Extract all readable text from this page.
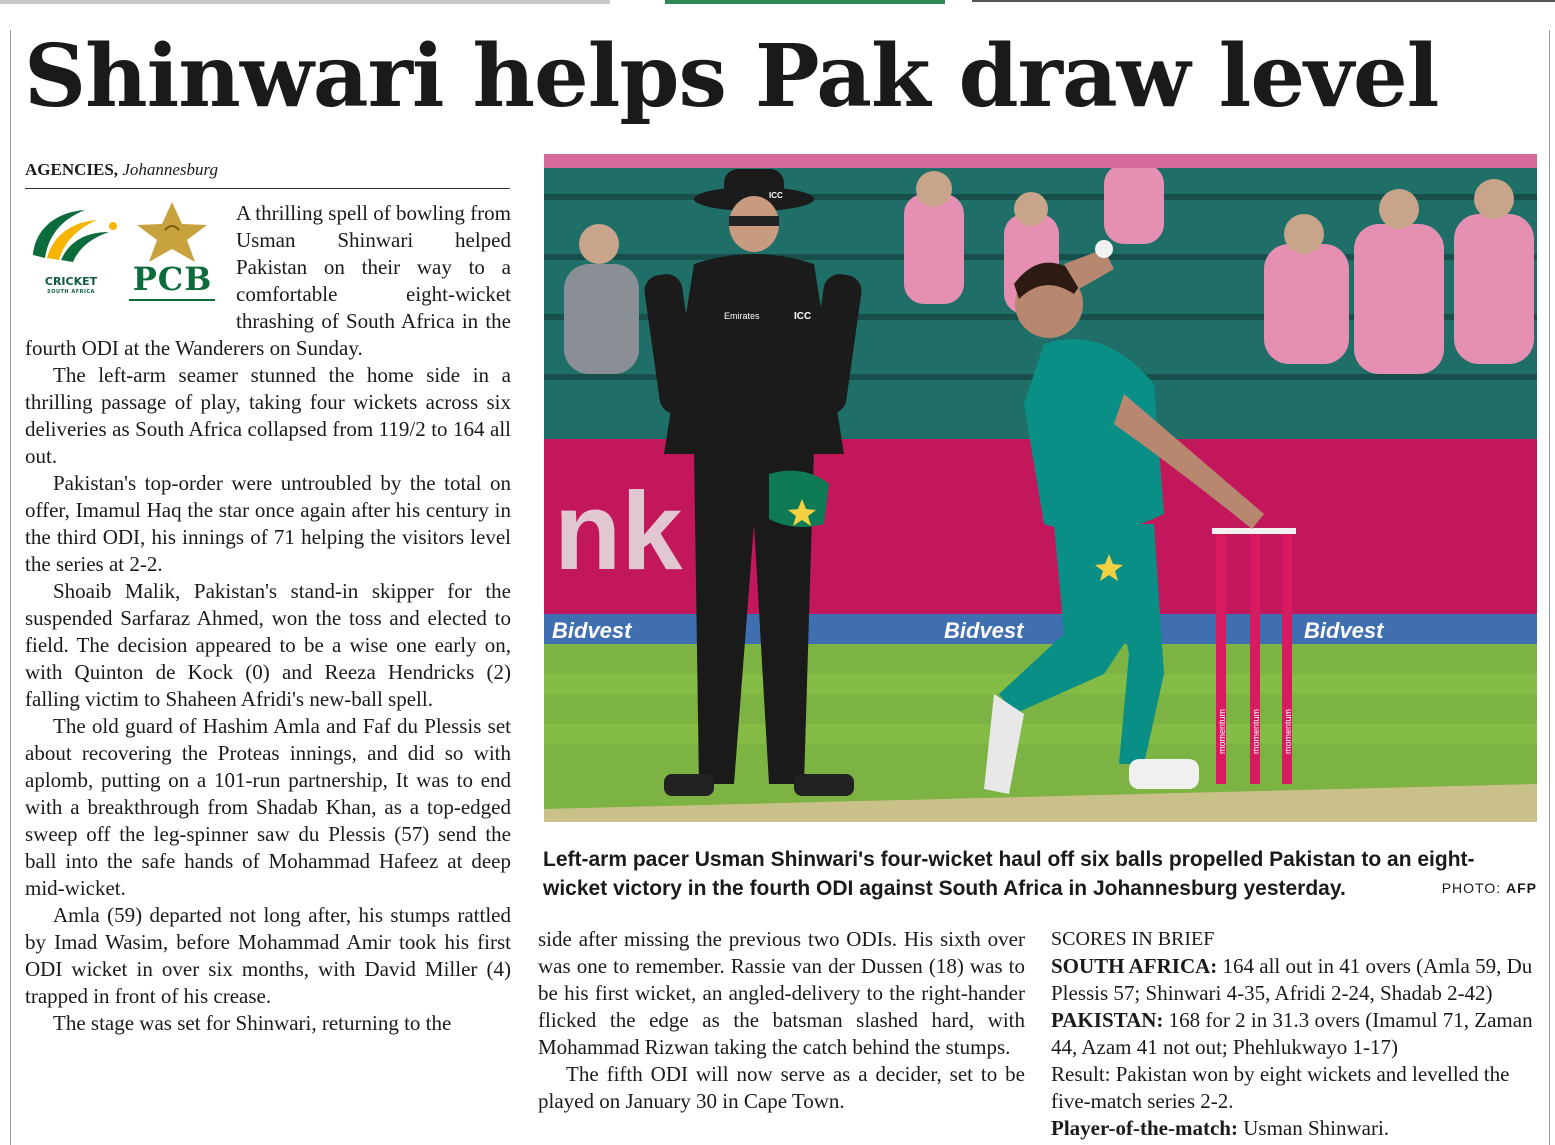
Shinwari helps Pak draw level
AGENCIES, Johannesburg
CRICKET
SOUTH AFRICA	PCB

A thrilling spell of bowling from Usman Shinwari helped Pakistan on their way to a comfortable eight-wicket thrashing of South Africa in the fourth ODI at the Wanderers on Sunday.

The left-arm seamer stunned the home side in a thrilling passage of play, taking four wickets across six deliveries as South Africa collapsed from 119/2 to 164 all out.

Pakistan's top-order were untroubled by the total on offer, Imamul Haq the star once again after his century in the third ODI, his innings of 71 helping the visitors level the series at 2-2.

Shoaib Malik, Pakistan's stand-in skipper for the suspended Sarfaraz Ahmed, won the toss and elected to field. The decision appeared to be a wise one early on, with Quinton de Kock (0) and Reeza Hendricks (2) falling victim to Shaheen Afridi's new-ball spell.

The old guard of Hashim Amla and Faf du Plessis set about recovering the Proteas innings, and did so with aplomb, putting on a 101-run partnership, It was to end with a breakthrough from Shadab Khan, as a top-edged sweep off the leg-spinner saw du Plessis (57) send the ball into the safe hands of Mohammad Hafeez at deep mid-wicket.

Amla (59) departed not long after, his stumps rattled by Imad Wasim, before Mohammad Amir took his first ODI wicket in over six months, with David Miller (4) trapped in front of his crease.

The stage was set for Shinwari, returning to the

nk
Bidvest	Bidvest	Bidvest
momentum	momentum momentum
Emirates	ICC
ICC
Left-arm pacer Usman Shinwari's four-wicket haul off six balls propelled Pakistan to an eight-wicket victory in the fourth ODI against South Africa in Johannesburg yesterday.	PHOTO: AFP

side after missing the previous two ODIs. His sixth over was one to remember. Rassie van der Dussen (18) was to be his first wicket, an angled-delivery to the right-hander flicked the edge as the batsman slashed hard, with Mohammad Rizwan taking the catch behind the stumps.

The fifth ODI will now serve as a decider, set to be played on January 30 in Cape Town.

SCORES IN BRIEF

SOUTH AFRICA: 164 all out in 41 overs (Amla 59, Du Plessis 57; Shinwari 4-35, Afridi 2-24, Shadab 2-42)

PAKISTAN: 168 for 2 in 31.3 overs (Imamul 71, Zaman 44, Azam 41 not out; Phehlukwayo 1-17)

Result: Pakistan won by eight wickets and levelled the five-match series 2-2.

Player-of-the-match: Usman Shinwari.
